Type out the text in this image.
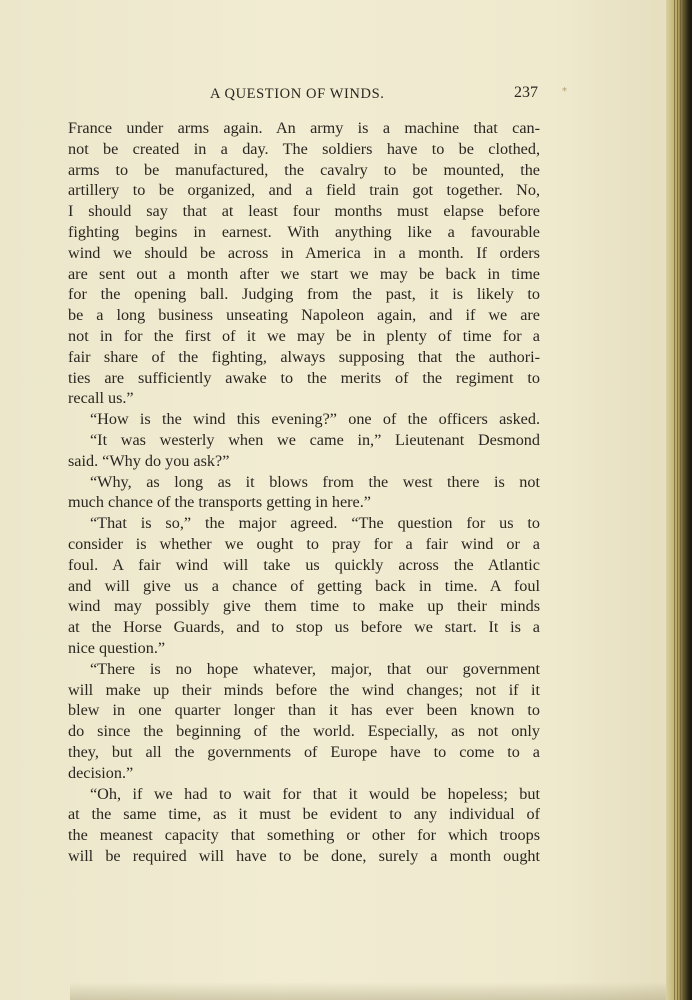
A QUESTION OF WINDS.	237 *
France under arms again. An army is a machine that can-
not be created in a day. The soldiers have to be clothed,
arms to be manufactured, the cavalry to be mounted, the
artillery to be organized, and a field train got together. No,
I should say that at least four months must elapse before
fighting begins in earnest. With anything like a favourable
wind we should be across in America in a month. If orders
are sent out a month after we start we may be back in time
for the opening ball. Judging from the past, it is likely to
be a long business unseating Napoleon again, and if we are
not in for the first of it we may be in plenty of time for a
fair share of the fighting, always supposing that the authori-
ties are sufficiently awake to the merits of the regiment to
recall us.”
“How is the wind this evening?” one of the officers asked.
“It was westerly when we came in,” Lieutenant Desmond
said. “Why do you ask?”
“Why, as long as it blows from the west there is not
much chance of the transports getting in here.”
“That is so,” the major agreed. “The question for us to
consider is whether we ought to pray for a fair wind or a
foul. A fair wind will take us quickly across the Atlantic
and will give us a chance of getting back in time. A foul
wind may possibly give them time to make up their minds
at the Horse Guards, and to stop us before we start. It is a
nice question.”
“There is no hope whatever, major, that our government
will make up their minds before the wind changes; not if it
blew in one quarter longer than it has ever been known to
do since the beginning of the world. Especially, as not only
they, but all the governments of Europe have to come to a
decision.”
“Oh, if we had to wait for that it would be hopeless; but
at the same time, as it must be evident to any individual of
the meanest capacity that something or other for which troops
will be required will have to be done, surely a month ought
